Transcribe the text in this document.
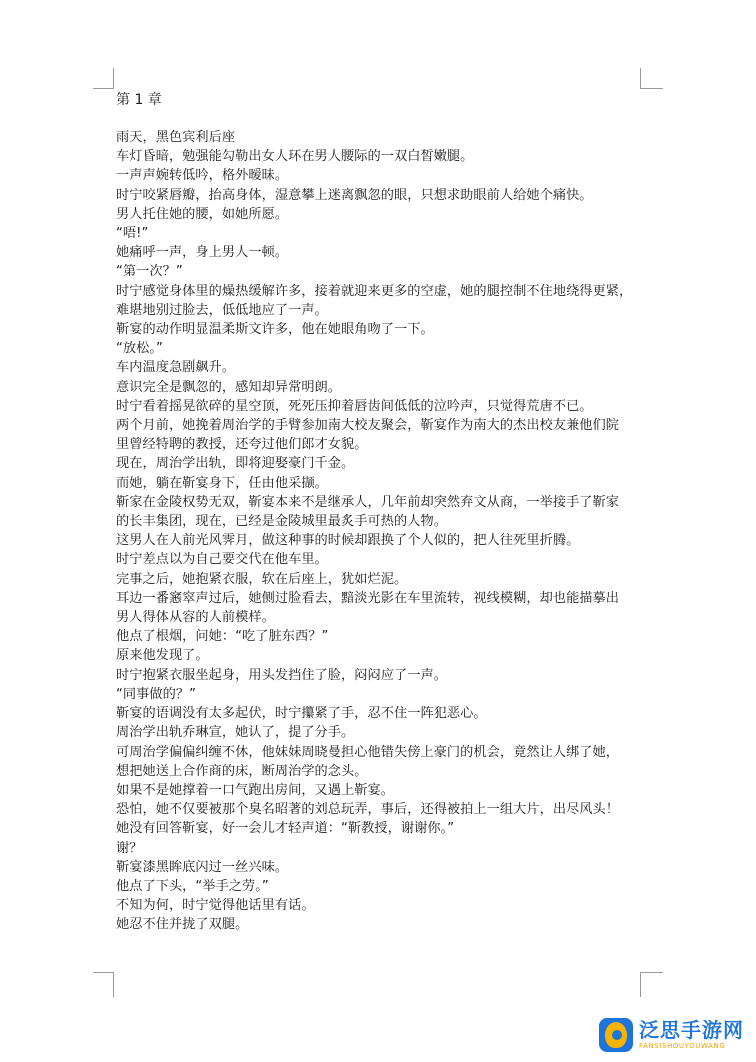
第 1 章

雨天，黑色宾利后座

车灯昏暗，勉强能勾勒出女人环在男人腰际的一双白皙嫩腿。

一声声婉转低吟，格外暧昧。

时宁咬紧唇瓣，抬高身体，湿意攀上迷离飘忽的眼，只想求助眼前人给她个痛快。

男人托住她的腰，如她所愿。

“唔!”

她痛呼一声，身上男人一顿。

“第一次？”

时宁感觉身体里的燥热缓解许多，接着就迎来更多的空虚，她的腿控制不住地绕得更紧，
难堪地别过脸去，低低地应了一声。

靳宴的动作明显温柔斯文许多，他在她眼角吻了一下。

“放松。”

车内温度急剧飙升。

意识完全是飘忽的，感知却异常明朗。

时宁看着摇晃欲碎的星空顶，死死压抑着唇齿间低低的泣吟声，只觉得荒唐不已。

两个月前，她挽着周治学的手臂参加南大校友聚会，靳宴作为南大的杰出校友兼他们院
里曾经特聘的教授，还夸过他们郎才女貌。

现在，周治学出轨，即将迎娶豪门千金。

而她，躺在靳宴身下，任由他采撷。

靳家在金陵权势无双，靳宴本来不是继承人，几年前却突然弃文从商，一举接手了靳家
的长丰集团，现在，已经是金陵城里最炙手可热的人物。

这男人在人前光风霁月，做这种事的时候却跟换了个人似的，把人往死里折腾。

时宁差点以为自己要交代在他车里。

完事之后，她抱紧衣服，软在后座上，犹如烂泥。

耳边一番窸窣声过后，她侧过脸看去，黯淡光影在车里流转，视线模糊，却也能描摹出
男人得体从容的人前模样。

他点了根烟，问她：“吃了脏东西？”

原来他发现了。

时宁抱紧衣服坐起身，用头发挡住了脸，闷闷应了一声。

“同事做的？”

靳宴的语调没有太多起伏，时宁攥紧了手，忍不住一阵犯恶心。

周治学出轨乔琳宣，她认了，提了分手。

可周治学偏偏纠缠不休，他妹妹周晓曼担心他错失傍上豪门的机会，竟然让人绑了她，
想把她送上合作商的床，断周治学的念头。

如果不是她撑着一口气跑出房间，又遇上靳宴。

恐怕，她不仅要被那个臭名昭著的刘总玩弄，事后，还得被拍上一组大片，出尽风头！

她没有回答靳宴，好一会儿才轻声道：“靳教授，谢谢你。”

谢？

靳宴漆黑眸底闪过一丝兴味。

他点了下头，“举手之劳。”

不知为何，时宁觉得他话里有话。

她忍不住并拢了双腿。

泛思手游网
FANSISHOUYOUWANG
